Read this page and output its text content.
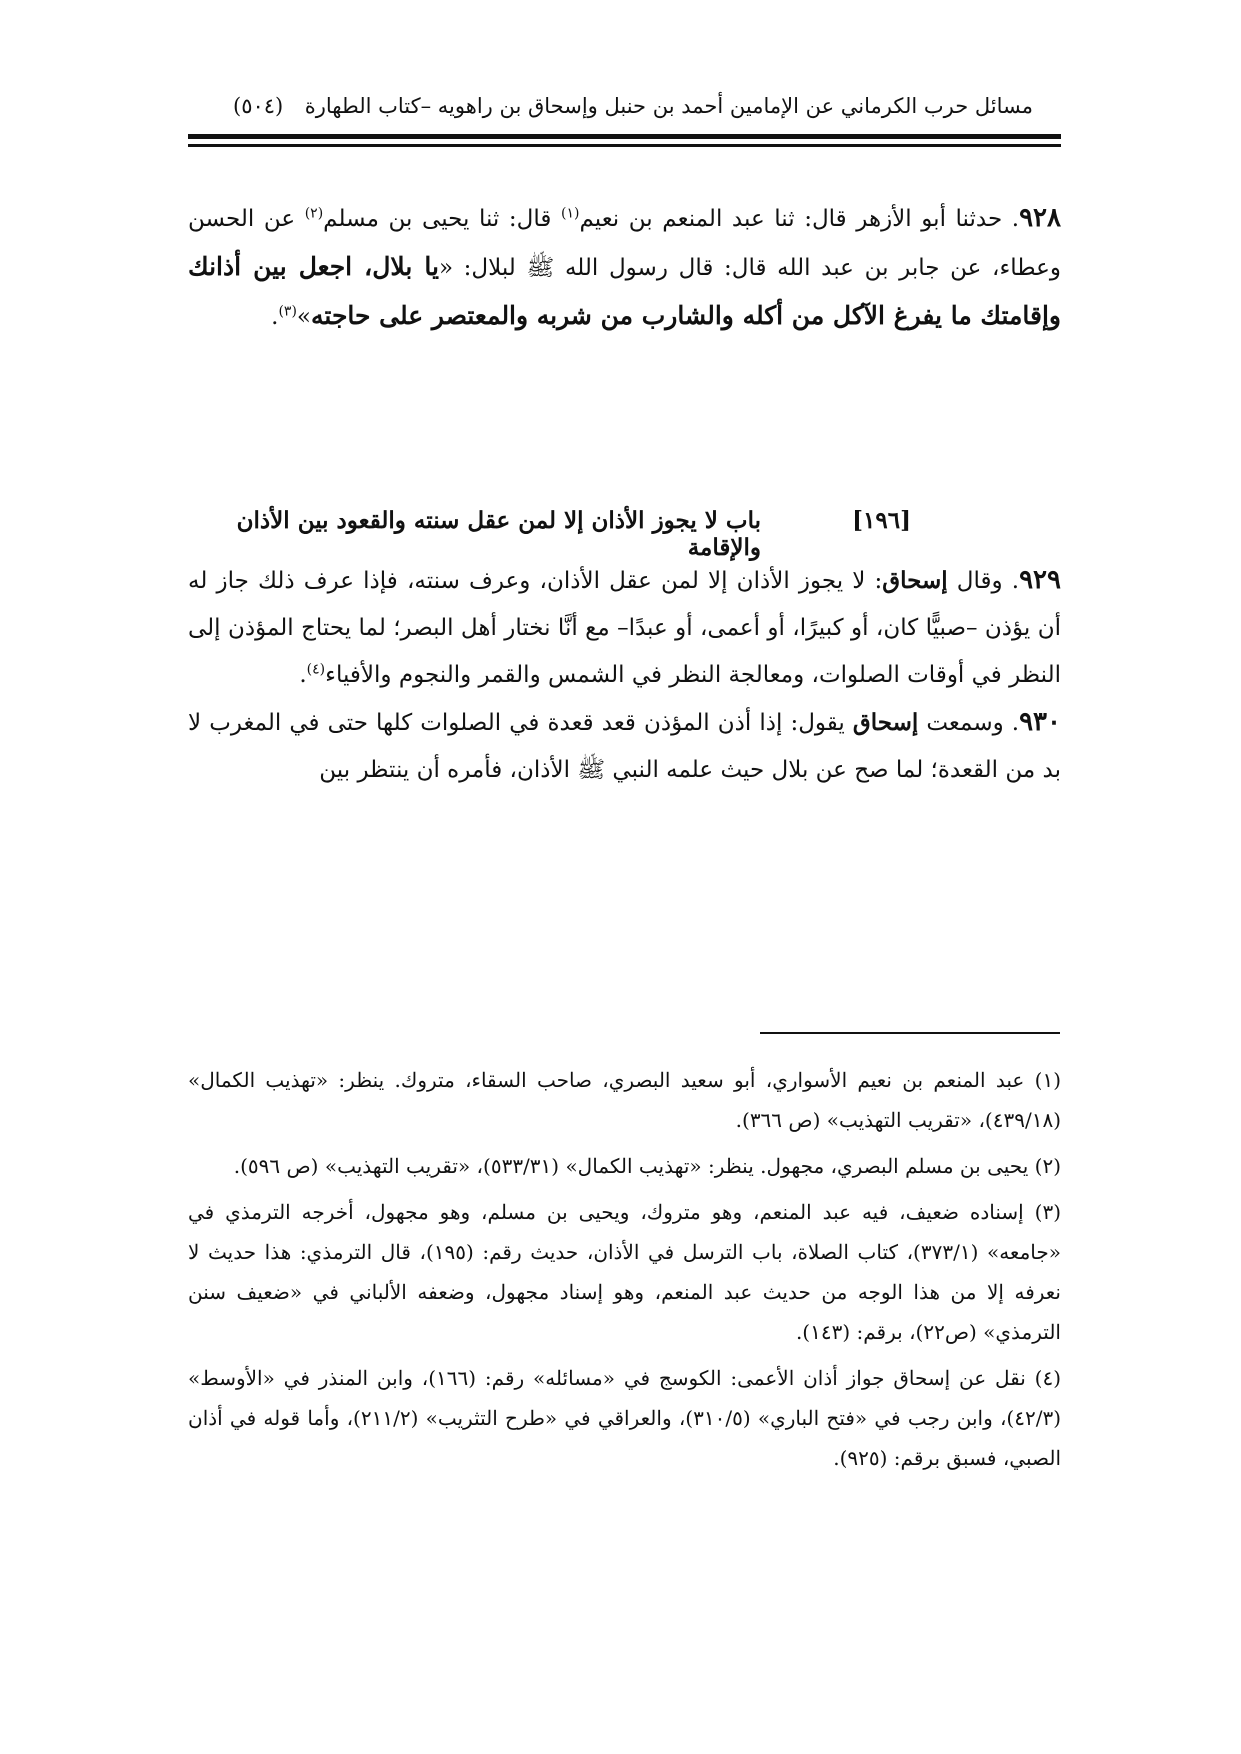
مسائل حرب الكرماني عن الإمامين أحمد بن حنبل وإسحاق بن راهويه –كتاب الطهارة
(٥٠٤)

٩٢٨. حدثنا أبو الأزهر قال: ثنا عبد المنعم بن نعيم$^{(١)}$ قال: ثنا يحيى بن مسلم$^{(٢)}$ عن الحسن وعطاء، عن جابر بن عبد الله قال: قال رسول الله ﷺ لبلال: «يا بلال، اجعل بين أذانك وإقامتك ما يفرغ الآكل من أكله والشارب من شربه والمعتصر على حاجته»$^{(٣)}$.

[١٩٦]
باب لا يجوز الأذان إلا لمن عقل سنته والقعود بين الأذان والإقامة

٩٢٩. وقال إسحاق: لا يجوز الأذان إلا لمن عقل الأذان، وعرف سنته، فإذا عرف ذلك جاز له أن يؤذن –صبيًّا كان، أو كبيرًا، أو أعمى، أو عبدًا– مع أنَّا نختار أهل البصر؛ لما يحتاج المؤذن إلى النظر في أوقات الصلوات، ومعالجة النظر في الشمس والقمر والنجوم والأفياء$^{(٤)}$.

٩٣٠. وسمعت إسحاق يقول: إذا أذن المؤذن قعد قعدة في الصلوات كلها حتى في المغرب لا بد من القعدة؛ لما صح عن بلال حيث علمه النبي ﷺ الأذان، فأمره أن ينتظر بين

(١) عبد المنعم بن نعيم الأسواري، أبو سعيد البصري، صاحب السقاء، متروك. ينظر: «تهذيب الكمال» (٤٣٩/١٨)، «تقريب التهذيب» (ص ٣٦٦).

(٢) يحيى بن مسلم البصري، مجهول. ينظر: «تهذيب الكمال» (٥٣٣/٣١)، «تقريب التهذيب» (ص ٥٩٦).

(٣) إسناده ضعيف، فيه عبد المنعم، وهو متروك، ويحيى بن مسلم، وهو مجهول، أخرجه الترمذي في «جامعه» (٣٧٣/١)، كتاب الصلاة، باب الترسل في الأذان، حديث رقم: (١٩٥)، قال الترمذي: هذا حديث لا نعرفه إلا من هذا الوجه من حديث عبد المنعم، وهو إسناد مجهول، وضعفه الألباني في «ضعيف سنن الترمذي» (ص٢٢)، برقم: (١٤٣).

(٤) نقل عن إسحاق جواز أذان الأعمى: الكوسج في «مسائله» رقم: (١٦٦)، وابن المنذر في «الأوسط» (٤٢/٣)، وابن رجب في «فتح الباري» (٣١٠/٥)، والعراقي في «طرح التثريب» (٢١١/٢)، وأما قوله في أذان الصبي، فسبق برقم: (٩٢٥).
